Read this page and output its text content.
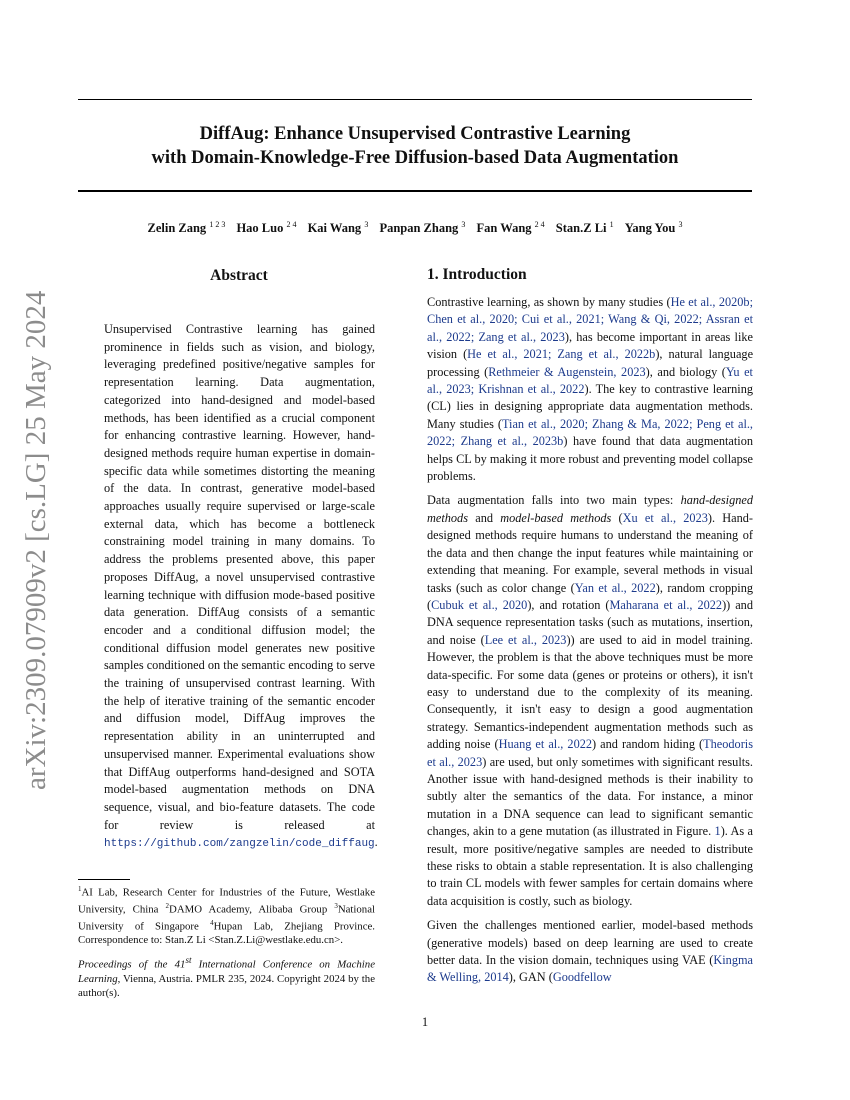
DiffAug: Enhance Unsupervised Contrastive Learning
with Domain-Knowledge-Free Diffusion-based Data Augmentation
Zelin Zang $^{1 2 3}$ Hao Luo $^{2 4}$ Kai Wang $^3$ Panpan Zhang $^3$ Fan Wang $^{2 4}$ Stan.Z Li $^1$ Yang You $^3$
arXiv:2309.07909v2 [cs.LG] 25 May 2024
Abstract
Unsupervised Contrastive learning has gained prominence in fields such as vision, and biology, leveraging predefined positive/negative samples for representation learning. Data augmentation, categorized into hand-designed and model-based methods, has been identified as a crucial component for enhancing contrastive learning. However, hand-designed methods require human expertise in domain-specific data while sometimes distorting the meaning of the data. In contrast, generative model-based approaches usually require supervised or large-scale external data, which has become a bottleneck constraining model training in many domains. To address the problems presented above, this paper proposes DiffAug, a novel unsupervised contrastive learning technique with diffusion mode-based positive data generation. DiffAug consists of a semantic encoder and a conditional diffusion model; the conditional diffusion model generates new positive samples conditioned on the semantic encoding to serve the training of unsupervised contrast learning. With the help of iterative training of the semantic encoder and diffusion model, DiffAug improves the representation ability in an uninterrupted and unsupervised manner. Experimental evaluations show that DiffAug outperforms hand-designed and SOTA model-based augmentation methods on DNA sequence, visual, and bio-feature datasets. The code for review is released at https://github.com/zangzelin/code_diffaug.
$^1$AI Lab, Research Center for Industries of the Future, Westlake University, China $^2$DAMO Academy, Alibaba Group $^3$National University of Singapore $^4$Hupan Lab, Zhejiang Province. Correspondence to: Stan.Z Li <Stan.Z.Li@westlake.edu.cn>.
Proceedings of the 41st International Conference on Machine Learning, Vienna, Austria. PMLR 235, 2024. Copyright 2024 by the author(s).
1. Introduction

Contrastive learning, as shown by many studies (He et al., 2020b; Chen et al., 2020; Cui et al., 2021; Wang & Qi, 2022; Assran et al., 2022; Zang et al., 2023), has become important in areas like vision (He et al., 2021; Zang et al., 2022b), natural language processing (Rethmeier & Augenstein, 2023), and biology (Yu et al., 2023; Krishnan et al., 2022). The key to contrastive learning (CL) lies in designing appropriate data augmentation methods. Many studies (Tian et al., 2020; Zhang & Ma, 2022; Peng et al., 2022; Zhang et al., 2023b) have found that data augmentation helps CL by making it more robust and preventing model collapse problems.

Data augmentation falls into two main types: hand-designed methods and model-based methods (Xu et al., 2023). Hand-designed methods require humans to understand the meaning of the data and then change the input features while maintaining or extending that meaning. For example, several methods in visual tasks (such as color change (Yan et al., 2022), random cropping (Cubuk et al., 2020), and rotation (Maharana et al., 2022)) and DNA sequence representation tasks (such as mutations, insertion, and noise (Lee et al., 2023)) are used to aid in model training. However, the problem is that the above techniques must be more data-specific. For some data (genes or proteins or others), it isn't easy to understand due to the complexity of its meaning. Consequently, it isn't easy to design a good augmentation strategy. Semantics-independent augmentation methods such as adding noise (Huang et al., 2022) and random hiding (Theodoris et al., 2023) are used, but only sometimes with significant results. Another issue with hand-designed methods is their inability to subtly alter the semantics of the data. For instance, a minor mutation in a DNA sequence can lead to significant semantic changes, akin to a gene mutation (as illustrated in Figure. 1). As a result, more positive/negative samples are needed to distribute these risks to obtain a stable representation. It is also challenging to train CL models with fewer samples for certain domains where data acquisition is costly, such as biology.

Given the challenges mentioned earlier, model-based methods (generative models) based on deep learning are used to create better data. In the vision domain, techniques using VAE (Kingma & Welling, 2014), GAN (Goodfellow

1
